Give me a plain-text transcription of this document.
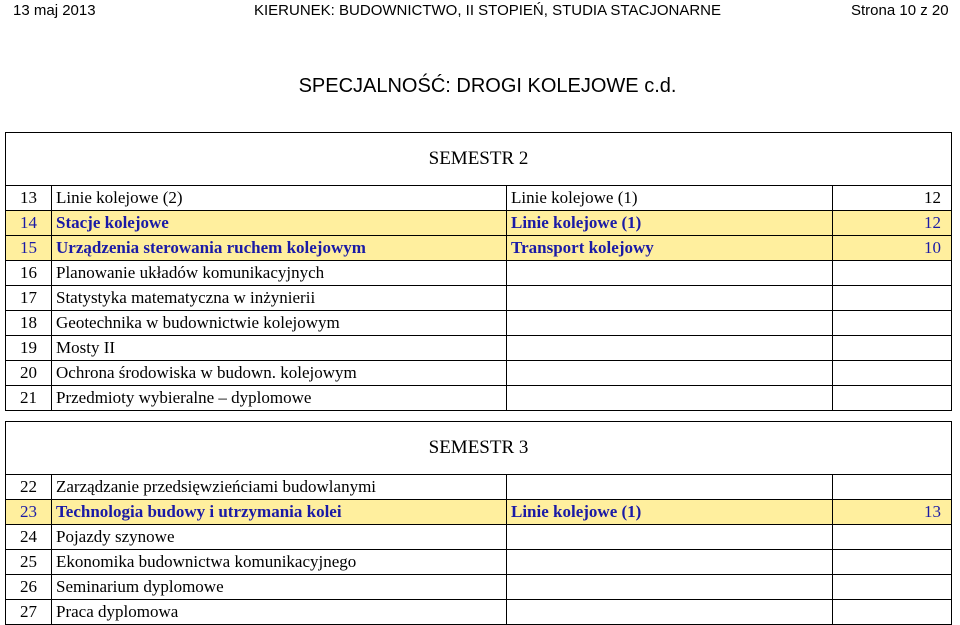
13 maj 2013	KIERUNEK: BUDOWNICTWO, II STOPIEŃ, STUDIA STACJONARNE	Strona 10 z 20
SPECJALNOŚĆ: DROGI KOLEJOWE c.d.
SEMESTR 2			
13	Linie kolejowe (2)	Linie kolejowe (1)	12
14	Stacje kolejowe	Linie kolejowe (1)	12
15	Urządzenia sterowania ruchem kolejowym	Transport kolejowy	10
16	Planowanie układów komunikacyjnych		
17	Statystyka matematyczna w inżynierii		
18	Geotechnika w budownictwie kolejowym		
19	Mosty II		
20	Ochrona środowiska w budown. kolejowym		
21	Przedmioty wybieralne – dyplomowe		
SEMESTR 3			
22	Zarządzanie przedsięwzieńciami budowlanymi		
23	Technologia budowy i utrzymania kolei	Linie kolejowe (1)	13
24	Pojazdy szynowe		
25	Ekonomika budownictwa komunikacyjnego		
26	Seminarium dyplomowe		
27	Praca dyplomowa		
